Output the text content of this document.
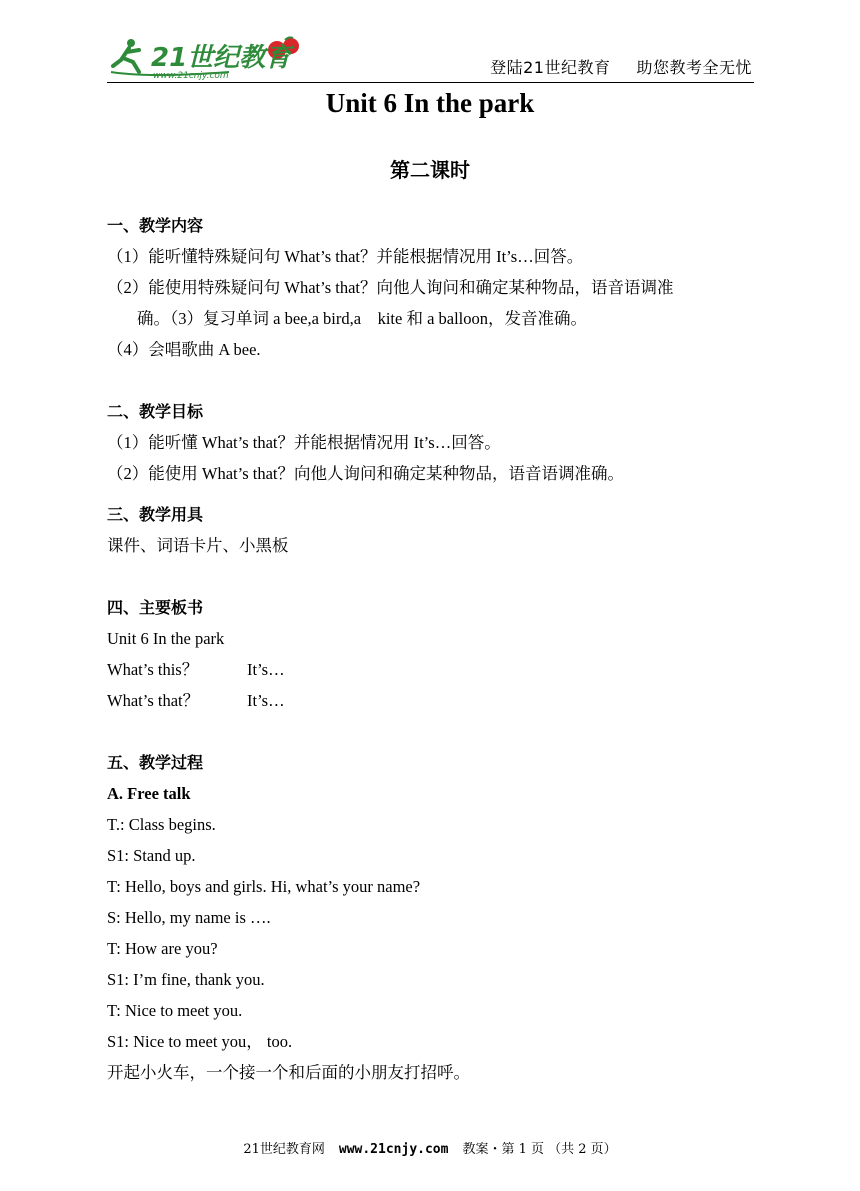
21世纪教育
www.21cnjy.com	登陆21世纪教育 助您教考全无忧
Unit 6 In the park
第二课时
一、教学内容
（1）能听懂特殊疑问句 What’s that？并能根据情况用 It’s…回答。
（2）能使用特殊疑问句 What’s that？向他人询问和确定某种物品，语音语调准
确。（3）复习单词 a bee,a bird,a　kite 和 a balloon，发音准确。
（4）会唱歌曲 A bee.
二、教学目标
（1）能听懂 What’s that？并能根据情况用 It’s…回答。
（2）能使用 What’s that？向他人询问和确定某种物品，语音语调准确。
三、教学用具
课件、词语卡片、小黑板
四、主要板书
Unit 6 In the park
What’s this？	It’s…
What’s that？	It’s…
五、教学过程
A. Free talk
T.: Class begins.
S1: Stand up.
T: Hello, boys and girls. Hi, what’s your name?
S: Hello, my name is ….
T: How are you?
S1: I’m fine, thank you.
T: Nice to meet you.
S1: Nice to meet you， too.
开起小火车，一个接一个和后面的小朋友打招呼。
21世纪教育网 www.21cnjy.com 教案・第 1 页 （共 2 页）
